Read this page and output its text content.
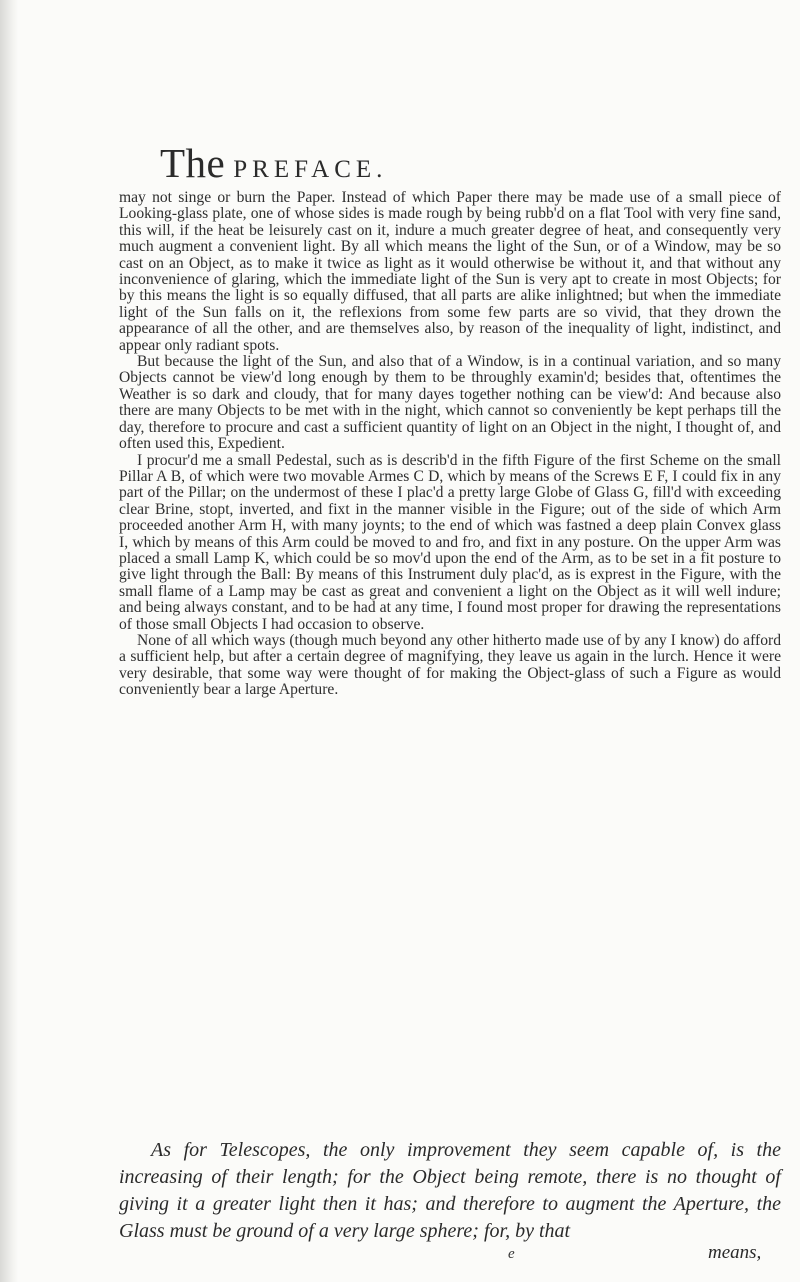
The PREFACE.

may not singe or burn the Paper. Instead of which Paper there may be made use of a small piece of Looking-glass plate, one of whose sides is made rough by being rubb'd on a flat Tool with very fine sand, this will, if the heat be leisurely cast on it, indure a much greater degree of heat, and consequently very much augment a convenient light. By all which means the light of the Sun, or of a Window, may be so cast on an Object, as to make it twice as light as it would otherwise be without it, and that without any inconvenience of glaring, which the immediate light of the Sun is very apt to create in most Objects; for by this means the light is so equally diffused, that all parts are alike inlightned; but when the immediate light of the Sun falls on it, the reflexions from some few parts are so vivid, that they drown the appearance of all the other, and are themselves also, by reason of the inequality of light, indistinct, and appear only radiant spots.

But because the light of the Sun, and also that of a Window, is in a continual variation, and so many Objects cannot be view'd long enough by them to be throughly examin'd; besides that, oftentimes the Weather is so dark and cloudy, that for many dayes together nothing can be view'd: And because also there are many Objects to be met with in the night, which cannot so conveniently be kept perhaps till the day, therefore to procure and cast a sufficient quantity of light on an Object in the night, I thought of, and often used this, Expedient.

I procur'd me a small Pedestal, such as is describ'd in the fifth Figure of the first Scheme on the small Pillar A B, of which were two movable Armes C D, which by means of the Screws E F, I could fix in any part of the Pillar; on the undermost of these I plac'd a pretty large Globe of Glass G, fill'd with exceeding clear Brine, stopt, inverted, and fixt in the manner visible in the Figure; out of the side of which Arm proceeded another Arm H, with many joynts; to the end of which was fastned a deep plain Convex glass I, which by means of this Arm could be moved to and fro, and fixt in any posture. On the upper Arm was placed a small Lamp K, which could be so mov'd upon the end of the Arm, as to be set in a fit posture to give light through the Ball: By means of this Instrument duly plac'd, as is exprest in the Figure, with the small flame of a Lamp may be cast as great and convenient a light on the Object as it will well indure; and being always constant, and to be had at any time, I found most proper for drawing the representations of those small Objects I had occasion to observe.

None of all which ways (though much beyond any other hitherto made use of by any I know) do afford a sufficient help, but after a certain degree of magnifying, they leave us again in the lurch. Hence it were very desirable, that some way were thought of for making the Object-glass of such a Figure as would conveniently bear a large Aperture.

As for Telescopes, the only improvement they seem capable of, is the increasing of their length; for the Object being remote, there is no thought of giving it a greater light then it has; and therefore to augment the Aperture, the Glass must be ground of a very large sphere; for, by that

e	means,
